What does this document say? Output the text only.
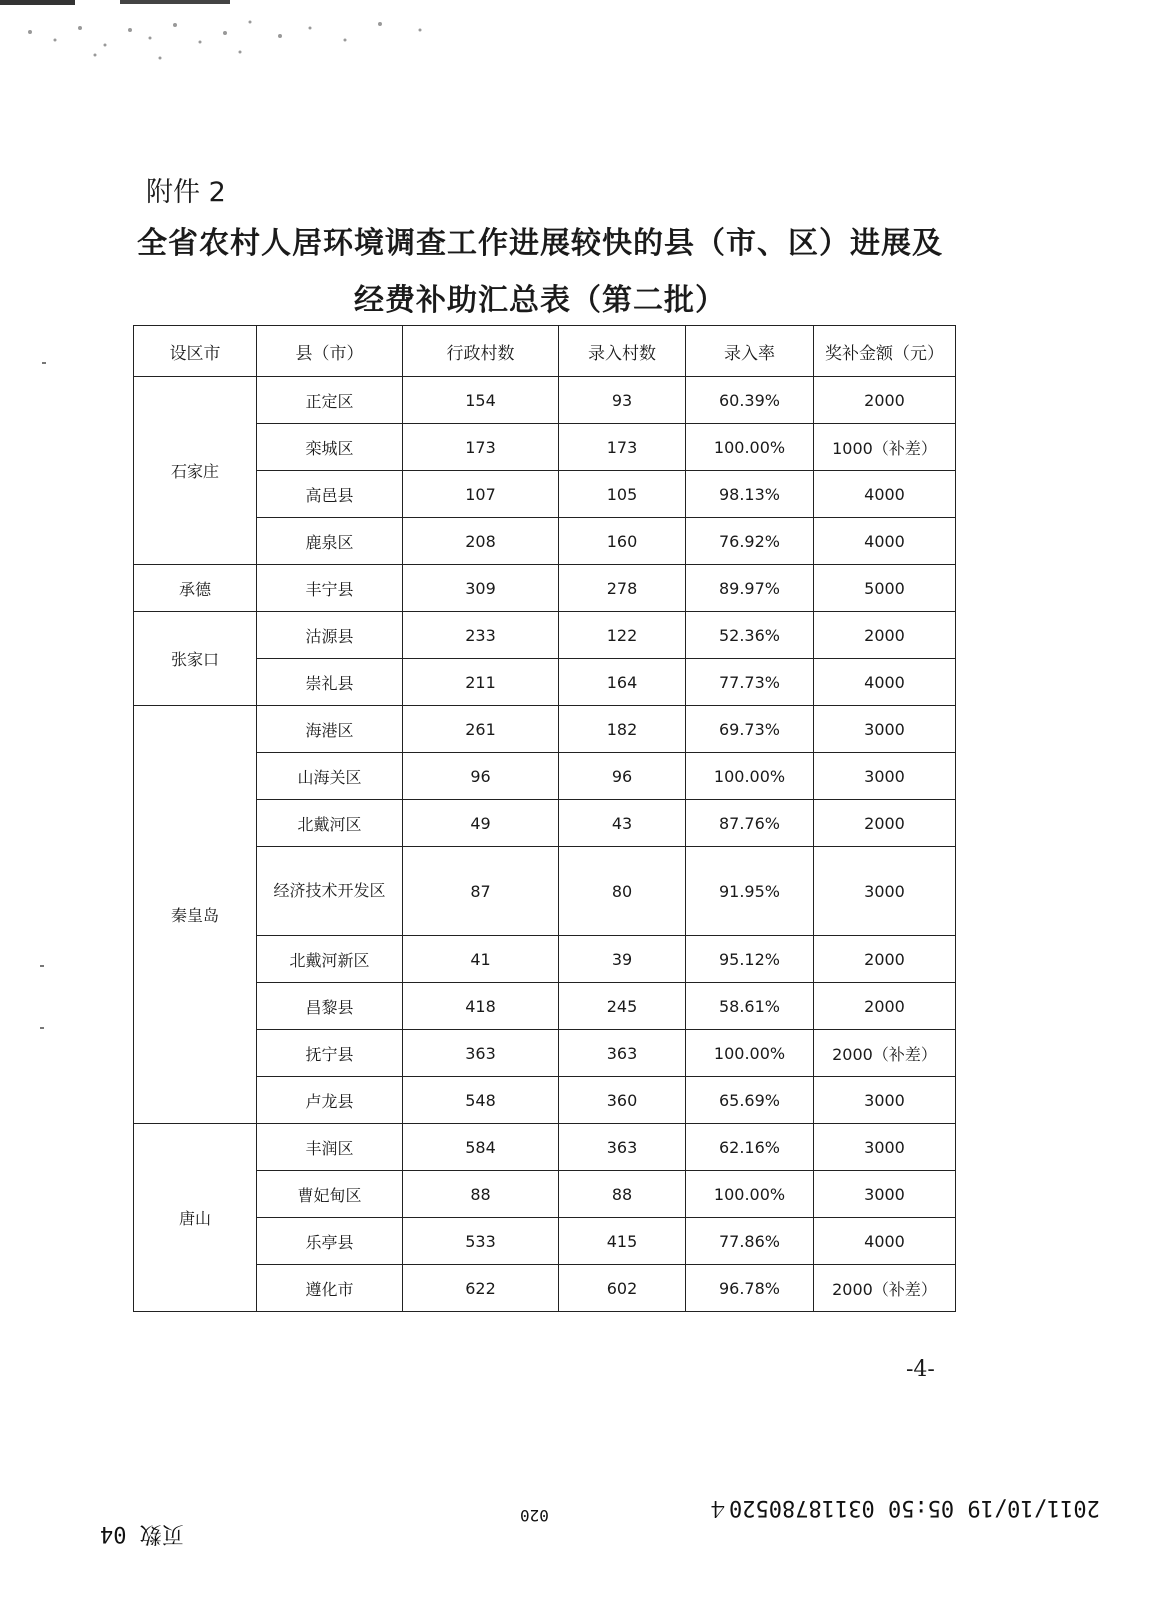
附件 2
全省农村人居环境调查工作进展较快的县（市、区）进展及
经费补助汇总表（第二批）
设区市	县（市）	行政村数	录入村数	录入率	奖补金额（元）
石家庄	正定区	154	93	60.39%	2000
	栾城区	173	173	100.00%	1000（补差）
	高邑县	107	105	98.13%	4000
	鹿泉区	208	160	76.92%	4000
承德	丰宁县	309	278	89.97%	5000
张家口	沽源县	233	122	52.36%	2000
	崇礼县	211	164	77.73%	4000
秦皇岛	海港区	261	182	69.73%	3000
	山海关区	96	96	100.00%	3000
	北戴河区	49	43	87.76%	2000
	经济技术开发区	87	80	91.95%	3000
	北戴河新区	41	39	95.12%	2000
	昌黎县	418	245	58.61%	2000
	抚宁县	363	363	100.00%	2000（补差）
	卢龙县	548	360	65.69%	3000
唐山	丰润区	584	363	62.16%	3000
	曹妃甸区	88	88	100.00%	3000
	乐亭县	533	415	77.86%	4000
	遵化市	622	602	96.78%	2000（补差）
-4-
2011/10/19 05:50 03118780520４
020
页数 04
